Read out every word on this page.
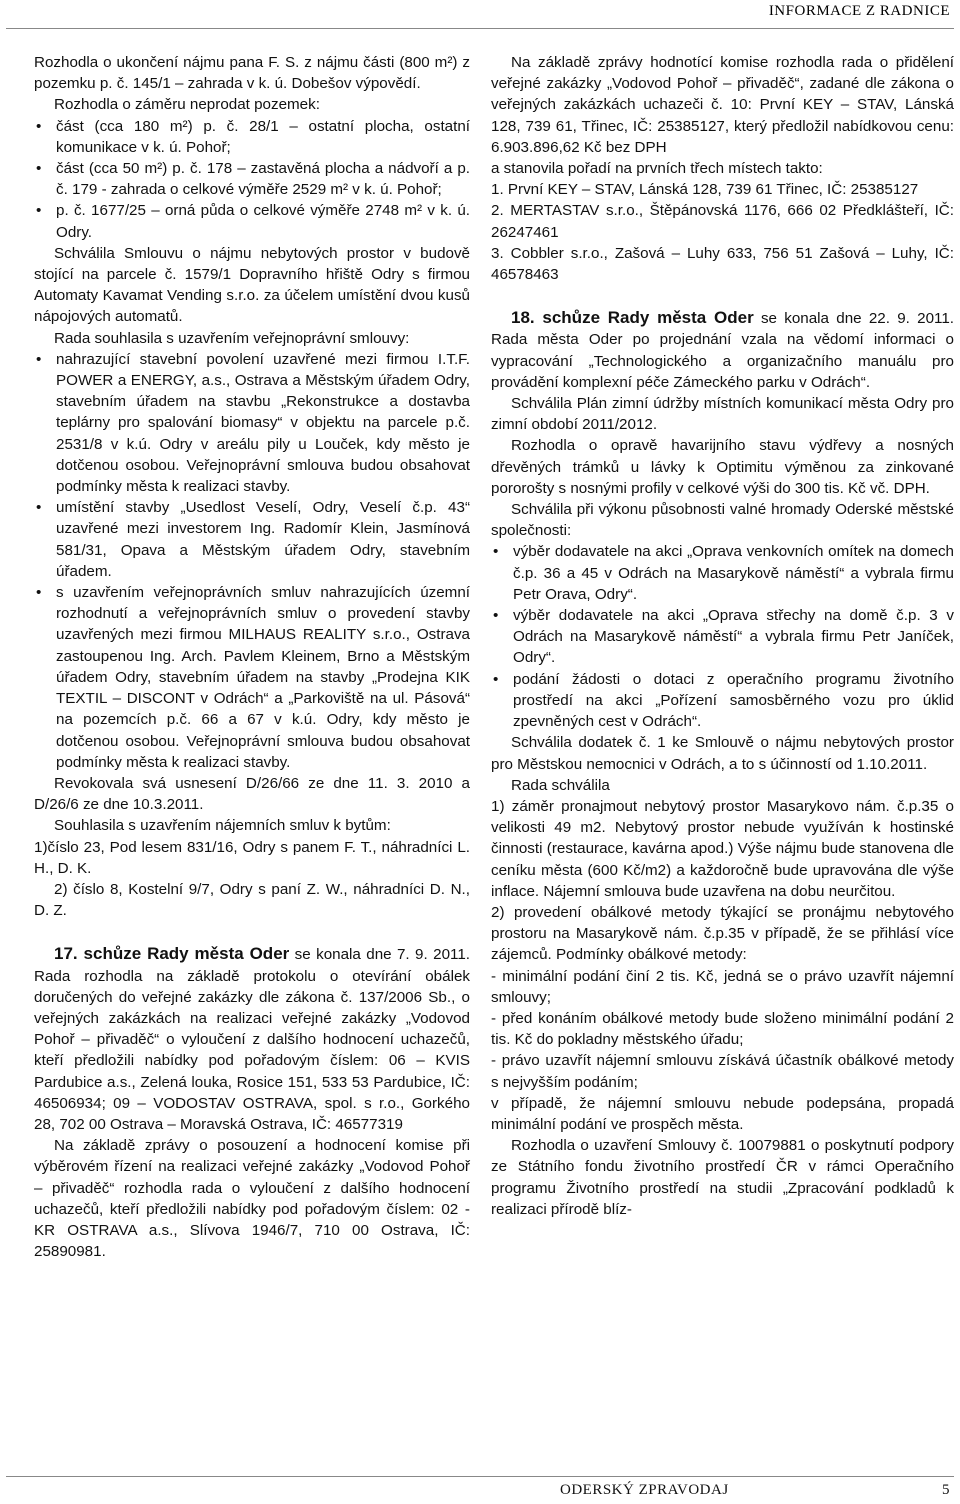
INFORMACE Z RADNICE

Rozhodla o ukončení nájmu pana F. S. z nájmu části (800 m²) z pozemku p. č. 145/1 – zahrada v k. ú. Dobešov výpovědí.

Rozhodla o záměru neprodat pozemek:

• část (cca 180 m²) p. č. 28/1 – ostatní plocha, ostatní komunikace v k. ú. Pohoř;

• část (cca 50 m²) p. č. 178 – zastavěná plocha a nádvoří a p. č. 179 - zahrada o celkové výměře 2529 m² v k. ú. Pohoř;

• p. č. 1677/25 – orná půda o celkové výměře 2748 m² v k. ú. Odry.

Schválila Smlouvu o nájmu nebytových prostor v budově stojící na parcele č. 1579/1 Dopravního hřiště Odry s firmou Automaty Kavamat Vending s.r.o. za účelem umístění dvou kusů nápojových automatů.

Rada souhlasila s uzavřením veřejnoprávní smlouvy:

• nahrazující stavební povolení uzavřené mezi firmou I.T.F. POWER a ENERGY, a.s., Ostrava a Městským úřadem Odry, stavebním úřadem na stavbu „Rekonstrukce a dostavba teplárny pro spalování biomasy“ v objektu na parcele p.č. 2531/8 v k.ú. Odry v areálu pily u Louček, kdy město je dotčenou osobou. Veřejnoprávní smlouva budou obsahovat podmínky města k realizaci stavby.

• umístění stavby „Usedlost Veselí, Odry, Veselí č.p. 43“ uzavřené mezi investorem Ing. Radomír Klein, Jasmínová 581/31, Opava a Městským úřadem Odry, stavebním úřadem.

• s uzavřením veřejnoprávních smluv nahrazujících územní rozhodnutí a veřejnoprávních smluv o provedení stavby uzavřených mezi firmou MILHAUS REALITY s.r.o., Ostrava zastoupenou Ing. Arch. Pavlem Kleinem, Brno a Městským úřadem Odry, stavebním úřadem na stavby „Prodejna KIK TEXTIL – DISCONT v Odrách“ a „Parkoviště na ul. Pásová“ na pozemcích p.č. 66 a 67 v k.ú. Odry, kdy město je dotčenou osobou. Veřejnoprávní smlouva budou obsahovat podmínky města k realizaci stavby.

Revokovala svá usnesení D/26/66 ze dne 11. 3. 2010 a D/26/6 ze dne 10.3.2011.

Souhlasila s uzavřením nájemních smluv k bytům:

1)číslo 23, Pod lesem 831/16, Odry s panem F. T., náhradníci L. H., D. K.

2) číslo 8, Kostelní 9/7, Odry s paní Z. W., náhradníci D. N., D. Z.

17. schůze Rady města Oder se konala dne 7. 9. 2011. Rada rozhodla na základě protokolu o otevírání obálek doručených do veřejné zakázky dle zákona č. 137/2006 Sb., o veřejných zakázkách na realizaci veřejné zakázky „Vodovod Pohoř – přivaděč“ o vyloučení z dalšího hodnocení uchazečů, kteří předložili nabídky pod pořadovým číslem: 06 – KVIS Pardubice a.s., Zelená louka, Rosice 151, 533 53 Pardubice, IČ: 46506934; 09 – VODOSTAV OSTRAVA, spol. s r.o., Gorkého 28, 702 00 Ostrava – Moravská Ostrava, IČ: 46577319

Na základě zprávy o posouzení a hodnocení komise při výběrovém řízení na realizaci veřejné zakázky „Vodovod Pohoř – přivaděč“ rozhodla rada o vyloučení z dalšího hodnocení uchazečů, kteří předložili nabídky pod pořadovým číslem: 02 - KR OSTRAVA a.s., Slívova 1946/7, 710 00 Ostrava, IČ: 25890981.

Na základě zprávy hodnotící komise rozhodla rada o přidělení veřejné zakázky „Vodovod Pohoř – přivaděč“, zadané dle zákona o veřejných zakázkách uchazeči č. 10: První KEY – STAV, Lánská 128, 739 61, Třinec, IČ: 25385127, který předložil nabídkovou cenu: 6.903.896,62 Kč bez DPH

a stanovila pořadí na prvních třech místech takto:

1. První KEY – STAV, Lánská 128, 739 61 Třinec, IČ: 25385127

2. MERTASTAV s.r.o., Štěpánovská 1176, 666 02 Předklášteří, IČ: 26247461

3. Cobbler s.r.o., Zašová – Luhy 633, 756 51 Zašová – Luhy, IČ: 46578463

18. schůze Rady města Oder se konala dne 22. 9. 2011. Rada města Oder po projednání vzala na vědomí informaci o vypracování „Technologického a organizačního manuálu pro provádění komplexní péče Zámeckého parku v Odrách“.

Schválila Plán zimní údržby místních komunikací města Odry pro zimní období 2011/2012.

Rozhodla o opravě havarijního stavu výdřevy a nosných dřevěných trámků u lávky k Optimitu výměnou za zinkované pororošty s nosnými profily v celkové výši do 300 tis. Kč vč. DPH.

Schválila při výkonu působnosti valné hromady Oderské městské společnosti:

• výběr dodavatele na akci „Oprava venkovních omítek na domech č.p. 36 a 45 v Odrách na Masarykově náměstí“ a vybrala firmu Petr Orava, Odry“.

• výběr dodavatele na akci „Oprava střechy na domě č.p. 3 v Odrách na Masarykově náměstí“ a vybrala firmu Petr Janíček, Odry“.

• podání žádosti o dotaci z operačního programu životního prostředí na akci „Pořízení samosběrného vozu pro úklid zpevněných cest v Odrách“.

Schválila dodatek č. 1 ke Smlouvě o nájmu nebytových prostor pro Městskou nemocnici v Odrách, a to s účinností od 1.10.2011.

Rada schválila

1) záměr pronajmout nebytový prostor Masarykovo nám. č.p.35 o velikosti 49 m2. Nebytový prostor nebude využíván k hostinské činnosti (restaurace, kavárna apod.) Výše nájmu bude stanovena dle ceníku města (600 Kč/m2) a každoročně bude upravována dle výše inflace. Nájemní smlouva bude uzavřena na dobu neurčitou.

2) provedení obálkové metody týkající se pronájmu nebytového prostoru na Masarykově nám. č.p.35 v případě, že se přihlásí více zájemců. Podmínky obálkové metody:

- minimální podání činí 2 tis. Kč, jedná se o právo uzavřít nájemní smlouvy;

- před konáním obálkové metody bude složeno minimální podání 2 tis. Kč do pokladny městského úřadu;

- právo uzavřít nájemní smlouvu získává účastník obálkové metody s nejvyšším podáním;

v případě, že nájemní smlouvu nebude podepsána, propadá minimální podání ve prospěch města.

Rozhodla o uzavření Smlouvy č. 10079881 o poskytnutí podpory ze Státního fondu životního prostředí ČR v rámci Operačního programu Životního prostředí na studii „Zpracování podkladů k realizaci přírodě blíz-

ODERSKÝ ZPRAVODAJ	5
